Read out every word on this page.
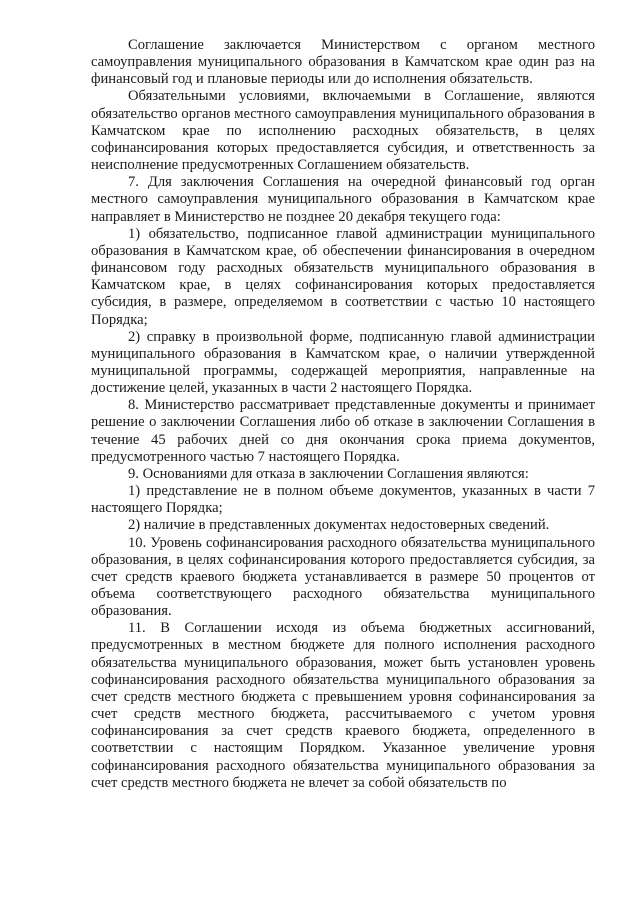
Соглашение заключается Министерством с органом местного самоуправления муниципального образования в Камчатском крае один раз на финансовый год и плановые периоды или до исполнения обязательств.

Обязательными условиями, включаемыми в Соглашение, являются обязательство органов местного самоуправления муниципального образования в Камчатском крае по исполнению расходных обязательств, в целях софинансирования которых предоставляется субсидия, и ответственность за неисполнение предусмотренных Соглашением обязательств.

7. Для заключения Соглашения на очередной финансовый год орган местного самоуправления муниципального образования в Камчатском крае направляет в Министерство не позднее 20 декабря текущего года:

1) обязательство, подписанное главой администрации муниципального образования в Камчатском крае, об обеспечении финансирования в очередном финансовом году расходных обязательств муниципального образования в Камчатском крае, в целях софинансирования которых предоставляется субсидия, в размере, определяемом в соответствии с частью 10 настоящего Порядка;

2) справку в произвольной форме, подписанную главой администрации муниципального образования в Камчатском крае, о наличии утвержденной муниципальной программы, содержащей мероприятия, направленные на достижение целей, указанных в части 2 настоящего Порядка.

8. Министерство рассматривает представленные документы и принимает решение о заключении Соглашения либо об отказе в заключении Соглашения в течение 45 рабочих дней со дня окончания срока приема документов, предусмотренного частью 7 настоящего Порядка.

9. Основаниями для отказа в заключении Соглашения являются:

1) представление не в полном объеме документов, указанных в части 7 настоящего Порядка;

2) наличие в представленных документах недостоверных сведений.

10. Уровень софинансирования расходного обязательства муниципального образования, в целях софинансирования которого предоставляется субсидия, за счет средств краевого бюджета устанавливается в размере 50 процентов от объема соответствующего расходного обязательства муниципального образования.

11. В Соглашении исходя из объема бюджетных ассигнований, предусмотренных в местном бюджете для полного исполнения расходного обязательства муниципального образования, может быть установлен уровень софинансирования расходного обязательства муниципального образования за счет средств местного бюджета с превышением уровня софинансирования за счет средств местного бюджета, рассчитываемого с учетом уровня софинансирования за счет средств краевого бюджета, определенного в соответствии с настоящим Порядком. Указанное увеличение уровня софинансирования расходного обязательства муниципального образования за счет средств местного бюджета не влечет за собой обязательств по
